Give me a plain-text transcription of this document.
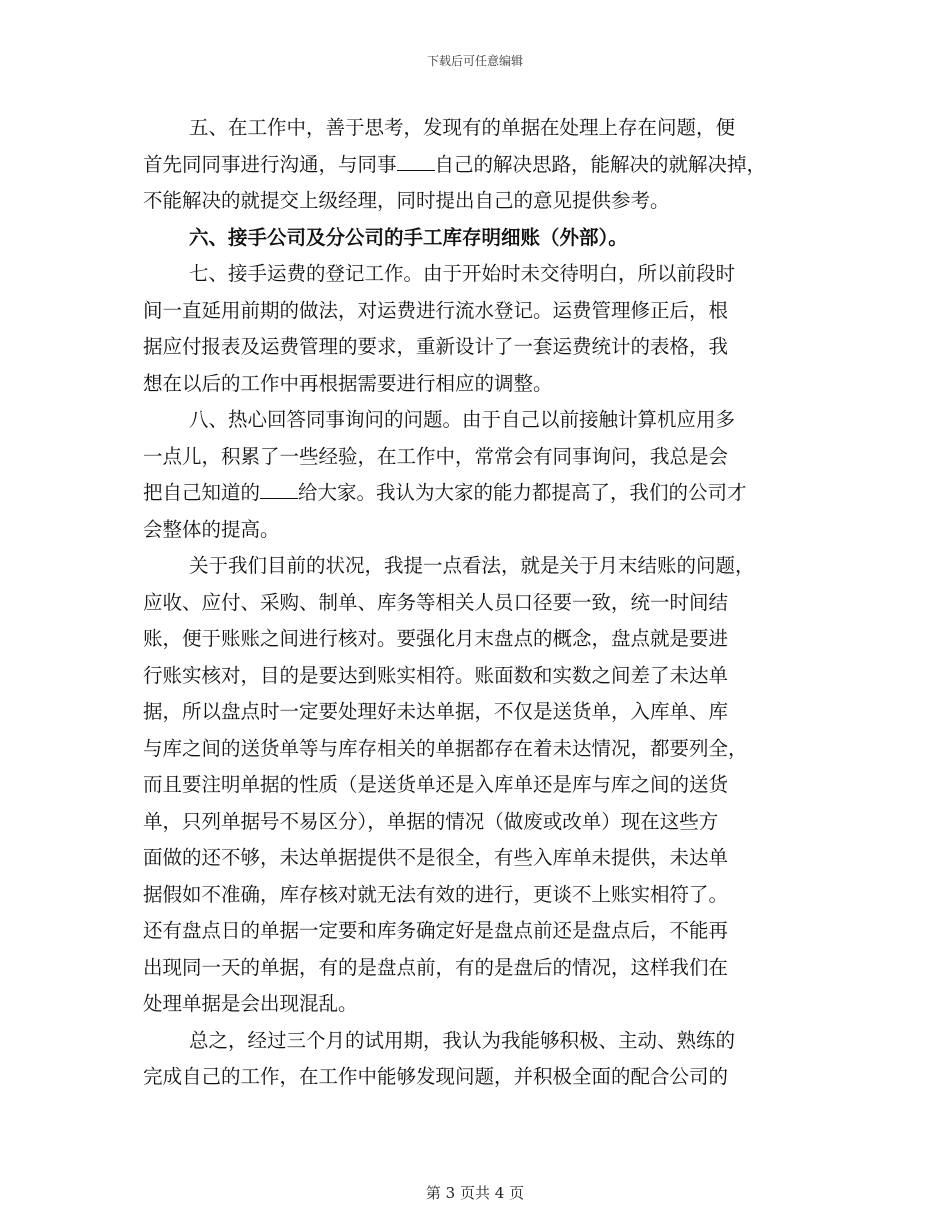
下载后可任意编辑
五、在工作中，善于思考，发现有的单据在处理上存在问题，便
首先同同事进行沟通，与同事 自己的解决思路，能解决的就解决掉，
不能解决的就提交上级经理，同时提出自己的意见提供参考。
六、接手公司及分公司的手工库存明细账（外部）。
七、接手运费的登记工作。由于开始时未交待明白，所以前段时
间一直延用前期的做法，对运费进行流水登记。运费管理修正后，根
据应付报表及运费管理的要求，重新设计了一套运费统计的表格，我
想在以后的工作中再根据需要进行相应的调整。
八、热心回答同事询问的问题。由于自己以前接触计算机应用多
一点儿，积累了一些经验，在工作中，常常会有同事询问，我总是会
把自己知道的 给大家。我认为大家的能力都提高了，我们的公司才
会整体的提高。
关于我们目前的状况，我提一点看法，就是关于月末结账的问题，
应收、应付、采购、制单、库务等相关人员口径要一致，统一时间结
账，便于账账之间进行核对。要强化月末盘点的概念，盘点就是要进
行账实核对，目的是要达到账实相符。账面数和实数之间差了未达单
据，所以盘点时一定要处理好未达单据，不仅是送货单，入库单、库
与库之间的送货单等与库存相关的单据都存在着未达情况，都要列全，
而且要注明单据的性质（是送货单还是入库单还是库与库之间的送货
单，只列单据号不易区分），单据的情况（做废或改单）现在这些方
面做的还不够，未达单据提供不是很全，有些入库单未提供，未达单
据假如不准确，库存核对就无法有效的进行，更谈不上账实相符了。
还有盘点日的单据一定要和库务确定好是盘点前还是盘点后，不能再
出现同一天的单据，有的是盘点前，有的是盘后的情况，这样我们在
处理单据是会出现混乱。
总之，经过三个月的试用期，我认为我能够积极、主动、熟练的
完成自己的工作，在工作中能够发现问题，并积极全面的配合公司的
第 3 页共 4 页
